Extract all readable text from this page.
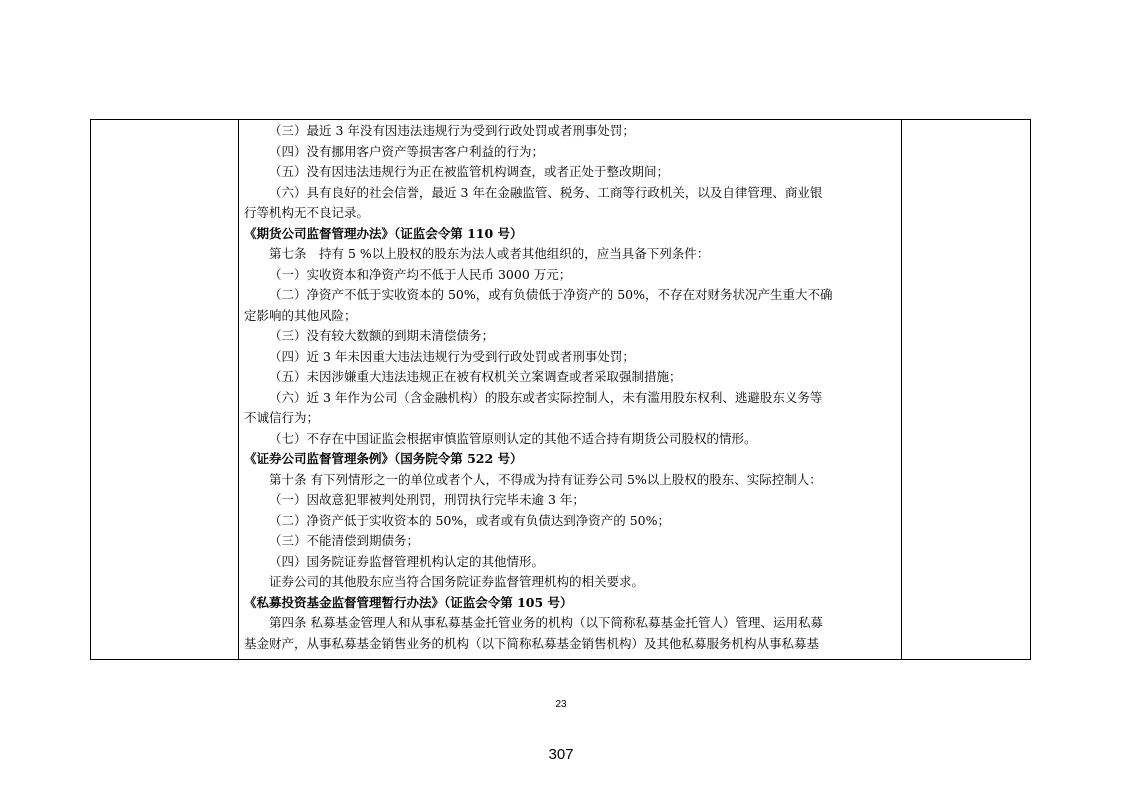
（三）最近 3 年没有因违法违规行为受到行政处罚或者刑事处罚；
（四）没有挪用客户资产等损害客户利益的行为；
（五）没有因违法违规行为正在被监管机构调查，或者正处于整改期间；
（六）具有良好的社会信誉，最近 3 年在金融监管、税务、工商等行政机关，以及自律管理、商业银
行等机构无不良记录。
《期货公司监督管理办法》（证监会令第 110 号）
第七条　持有 5 %以上股权的股东为法人或者其他组织的，应当具备下列条件：
（一）实收资本和净资产均不低于人民币 3000 万元；
（二）净资产不低于实收资本的 50%，或有负债低于净资产的 50%，不存在对财务状况产生重大不确
定影响的其他风险；
（三）没有较大数额的到期未清偿债务；
（四）近 3 年未因重大违法违规行为受到行政处罚或者刑事处罚；
（五）未因涉嫌重大违法违规正在被有权机关立案调查或者采取强制措施；
（六）近 3 年作为公司（含金融机构）的股东或者实际控制人，未有滥用股东权利、逃避股东义务等
不诚信行为；
（七）不存在中国证监会根据审慎监管原则认定的其他不适合持有期货公司股权的情形。
《证券公司监督管理条例》（国务院令第 522 号）
第十条 有下列情形之一的单位或者个人，不得成为持有证券公司 5%以上股权的股东、实际控制人：
（一）因故意犯罪被判处刑罚，刑罚执行完毕未逾 3 年；
（二）净资产低于实收资本的 50%，或者或有负债达到净资产的 50%；
（三）不能清偿到期债务；
（四）国务院证券监督管理机构认定的其他情形。
证券公司的其他股东应当符合国务院证券监督管理机构的相关要求。
《私募投资基金监督管理暂行办法》（证监会令第 105 号）
第四条 私募基金管理人和从事私募基金托管业务的机构（以下简称私募基金托管人）管理、运用私募
基金财产，从事私募基金销售业务的机构（以下简称私募基金销售机构）及其他私募服务机构从事私募基
23
307
